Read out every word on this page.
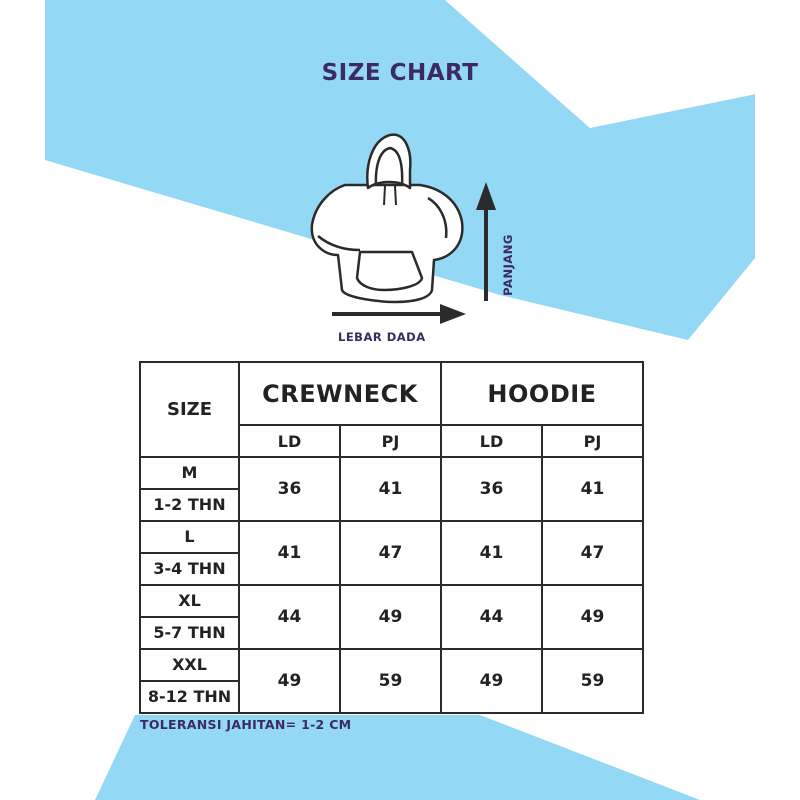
SIZE CHART
LEBAR DADA
PANJANG
SIZE	CREWNECK		HOODIE	
	LD	PJ	LD	PJ
M	36	41	36	41
1-2 THN				
L	41	47	41	47
3-4 THN				
XL	44	49	44	49
5-7 THN				
XXL	49	59	49	59
8-12 THN				
TOLERANSI JAHITAN= 1-2 CM
